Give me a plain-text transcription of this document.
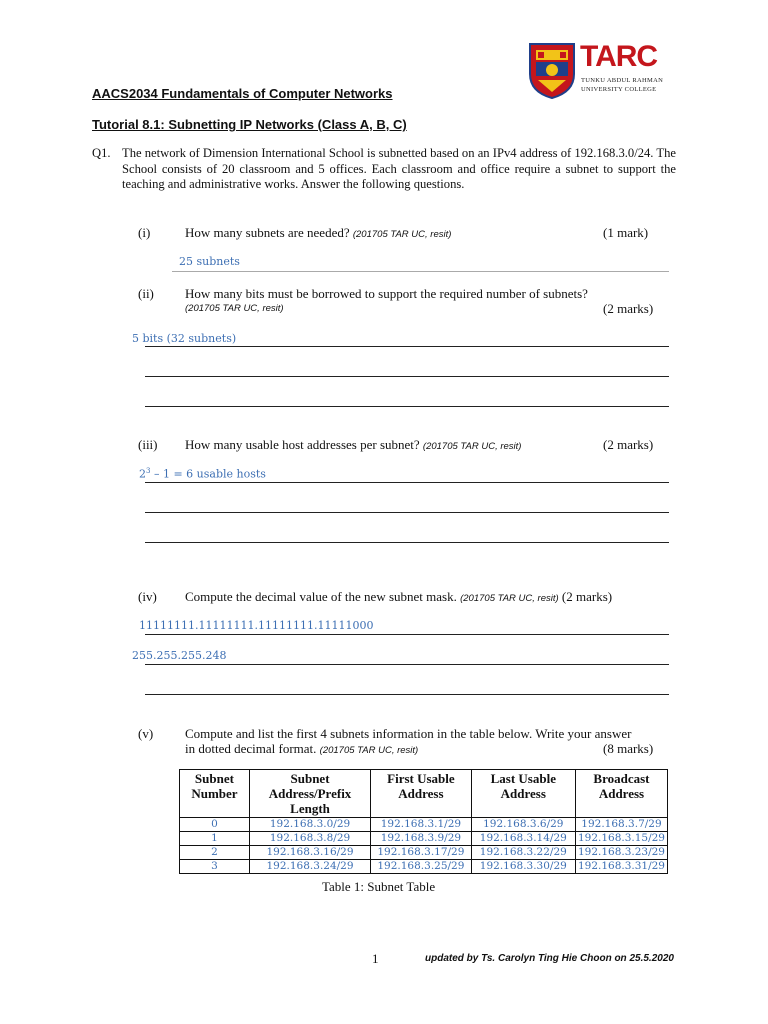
TARC
TUNKU ABDUL RAHMAN
UNIVERSITY COLLEGE
AACS2034 Fundamentals of Computer Networks
Tutorial 8.1: Subnetting IP Networks (Class A, B, C)
Q1. The network of Dimension International School is subnetted based on an IPv4 address of 192.168.3.0/24. The School consists of 20 classroom and 5 offices. Each classroom and office require a subnet to support the teaching and administrative works. Answer the following questions.
(i)	How many subnets are needed? (201705 TAR UC, resit)	(1 mark)
25 subnets
(ii) How many bits must be borrowed to support the required number of subnets?
(201705 TAR UC, resit)	(2 marks)
5 bits (32 subnets)
(iii) How many usable host addresses per subnet? (201705 TAR UC, resit)	(2 marks)
$2^3 - 1 = 6$ usable hosts
(iv) Compute the decimal value of the new subnet mask. (201705 TAR UC, resit) (2 marks)
11111111.11111111.11111111.11111000
255.255.255.248
(v) Compute and list the first 4 subnets information in the table below. Write your answer
in dotted decimal format. (201705 TAR UC, resit)	(8 marks)
Subnet Number	Subnet Address/Prefix Length	First Usable Address	Last Usable Address	Broadcast Address
0	192.168.3.0/29	192.168.3.1/29	192.168.3.6/29	192.168.3.7/29
1	192.168.3.8/29	192.168.3.9/29	192.168.3.14/29	192.168.3.15/29
2	192.168.3.16/29	192.168.3.17/29	192.168.3.22/29	192.168.3.23/29
3	192.168.3.24/29	192.168.3.25/29	192.168.3.30/29	192.168.3.31/29
Table 1: Subnet Table
1	updated by Ts. Carolyn Ting Hie Choon on 25.5.2020
